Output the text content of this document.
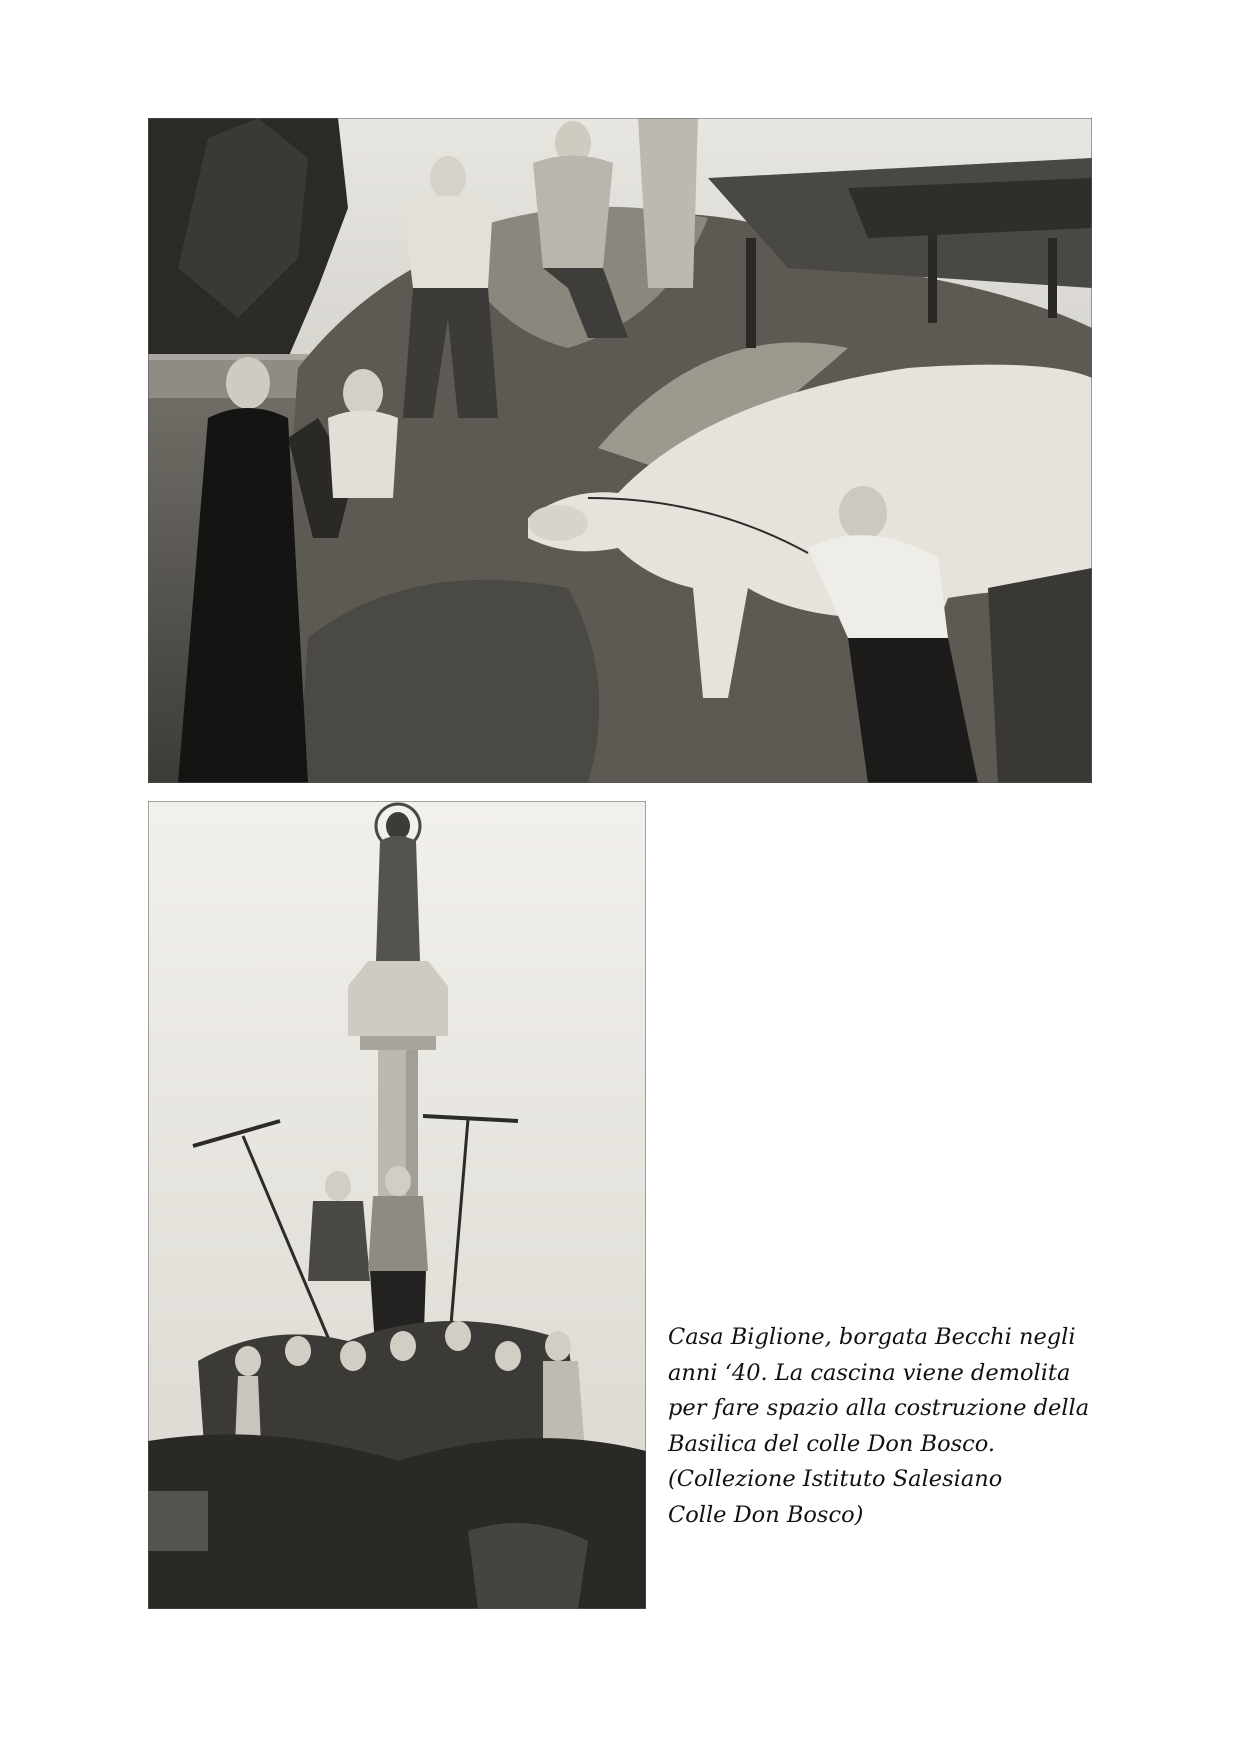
Casa Biglione, borgata Becchi negli
anni ‘40. La cascina viene demolita
per fare spazio alla costruzione della
Basilica del colle Don Bosco.
(Collezione Istituto Salesiano
Colle Don Bosco)
